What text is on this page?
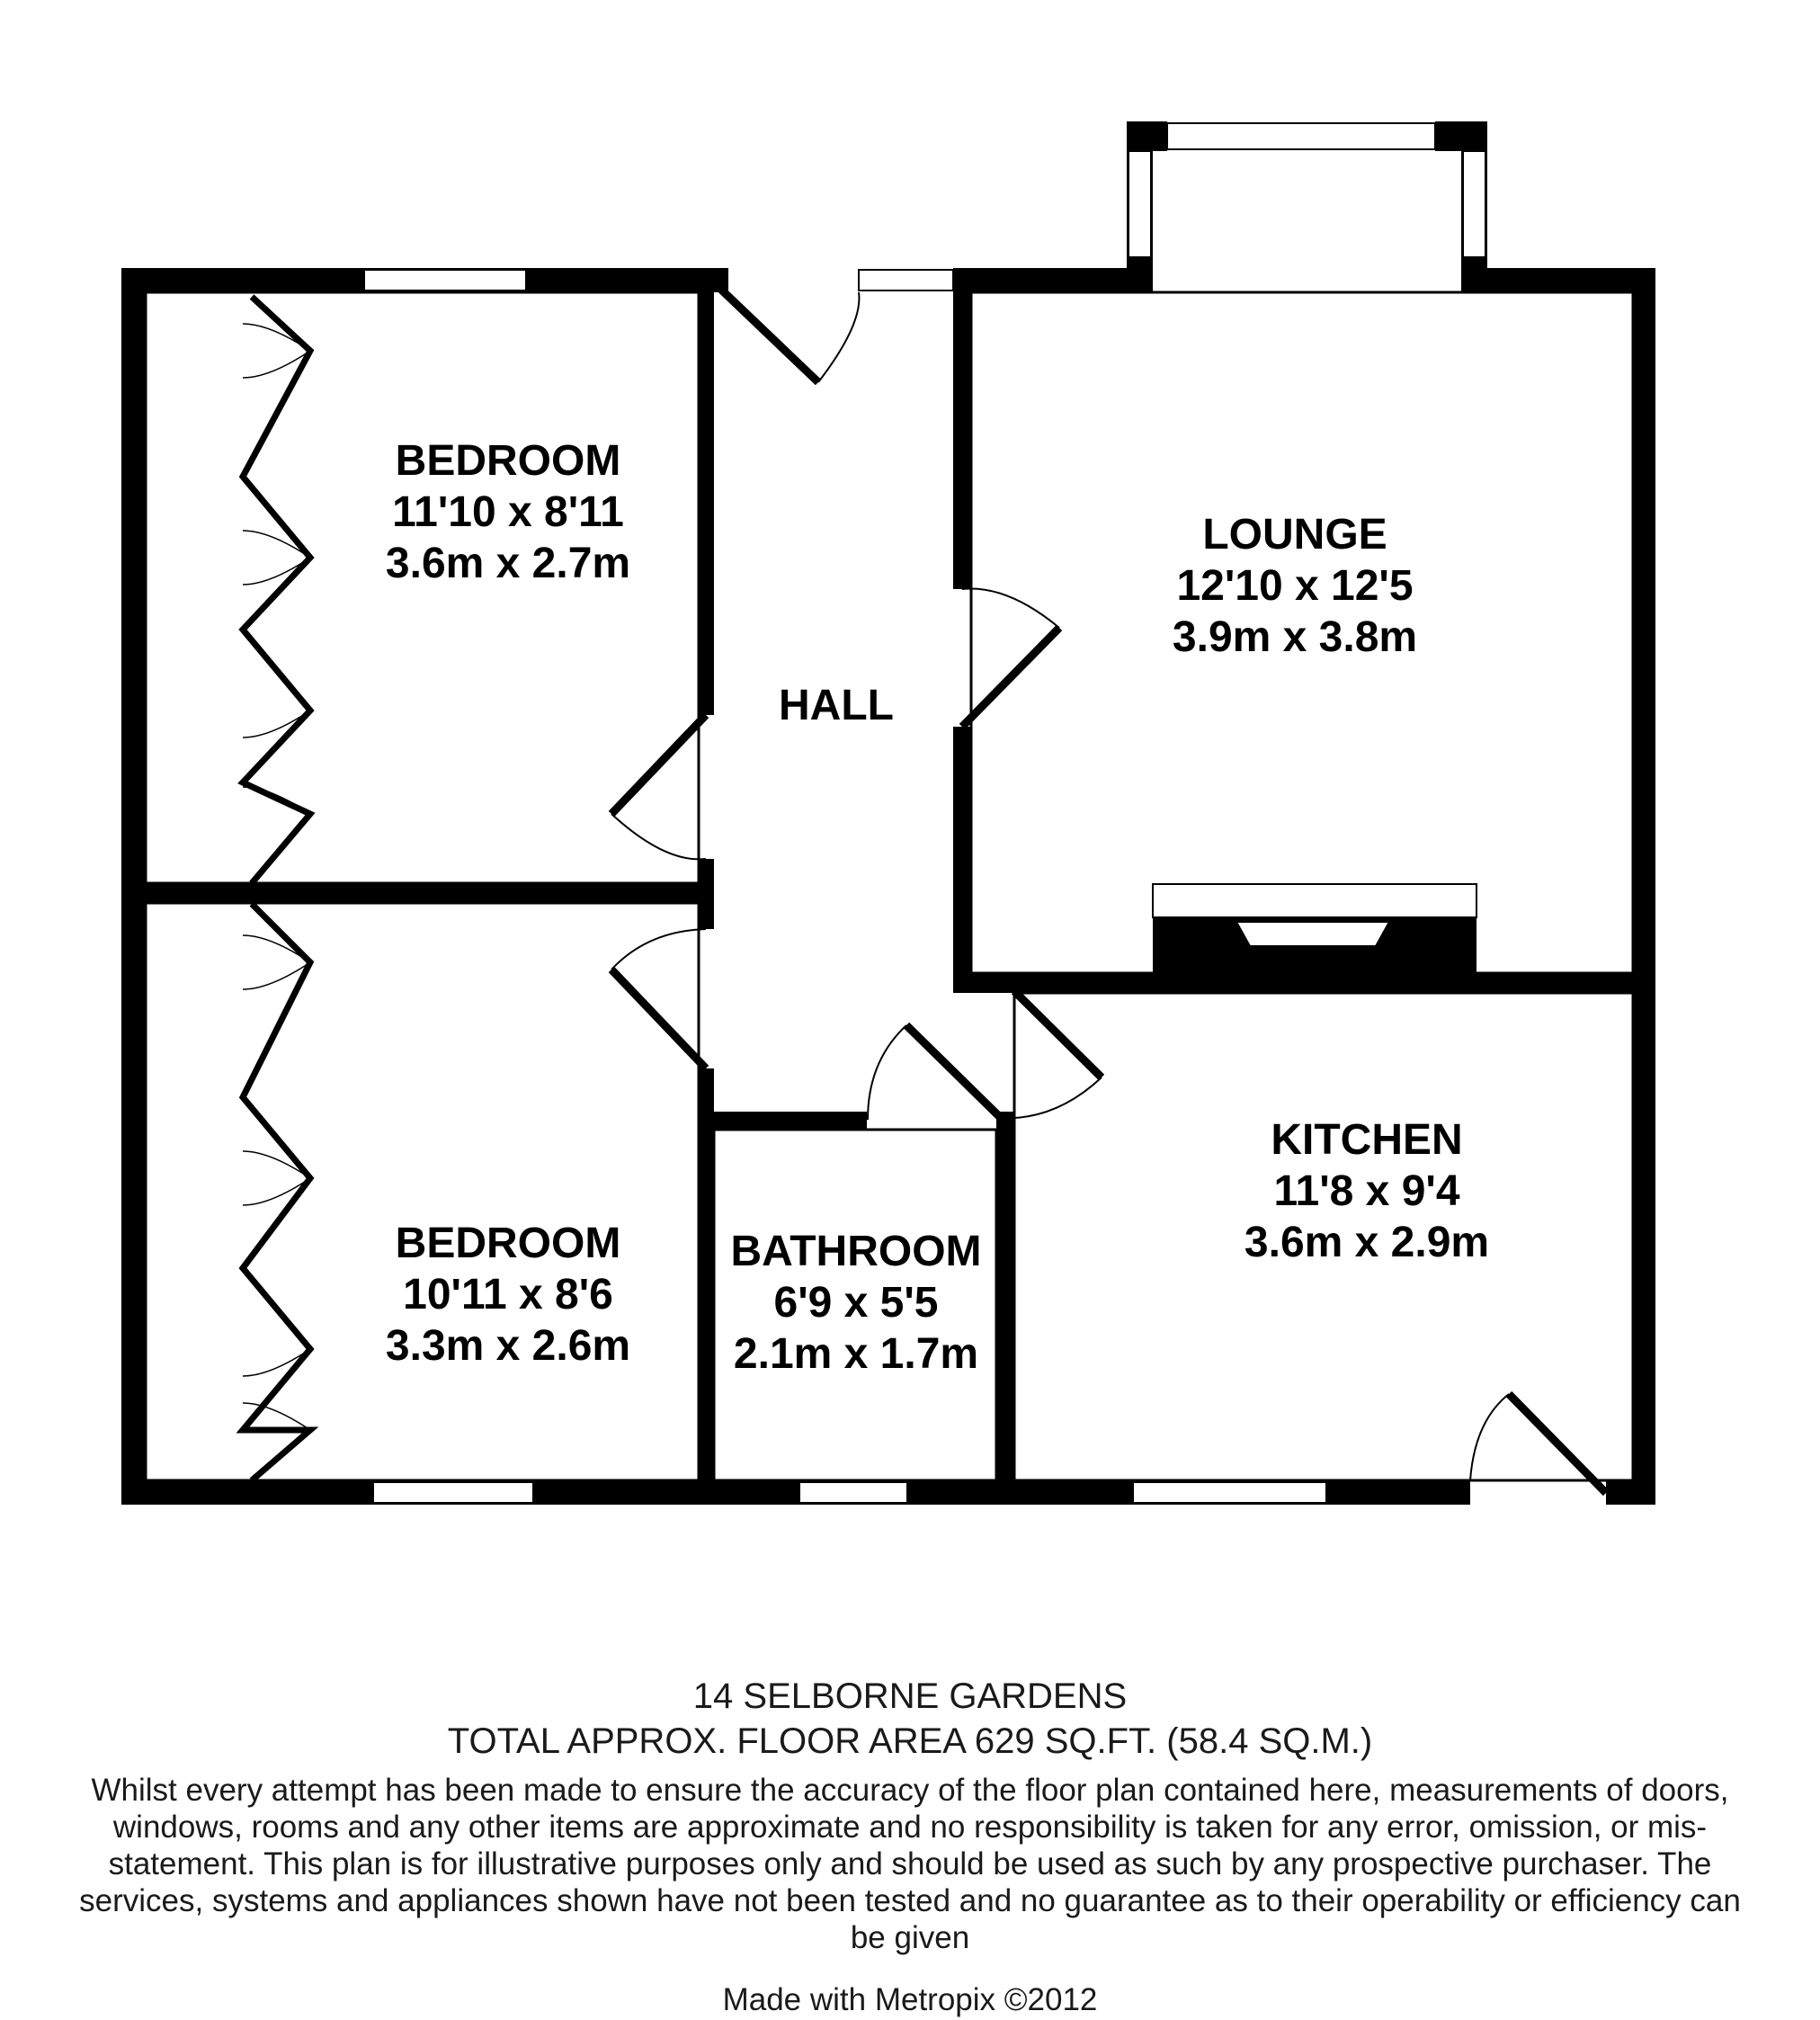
BEDROOM
11'10 x 8'11
3.6m x 2.7m
HALL
LOUNGE
12'10 x 12'5
3.9m x 3.8m
BEDROOM
10'11 x 8'6
3.3m x 2.6m
BATHROOM
6'9 x 5'5
2.1m x 1.7m
KITCHEN
11'8 x 9'4
3.6m x 2.9m
14 SELBORNE GARDENS
TOTAL APPROX. FLOOR AREA 629 SQ.FT. (58.4 SQ.M.)
Whilst every attempt has been made to ensure the accuracy of the floor plan contained here, measurements of doors, windows, rooms and any other items are approximate and no responsibility is taken for any error, omission, or mis-statement. This plan is for illustrative purposes only and should be used as such by any prospective purchaser. The services, systems and appliances shown have not been tested and no guarantee as to their operability or efficiency can be given
Made with Metropix ©2012
